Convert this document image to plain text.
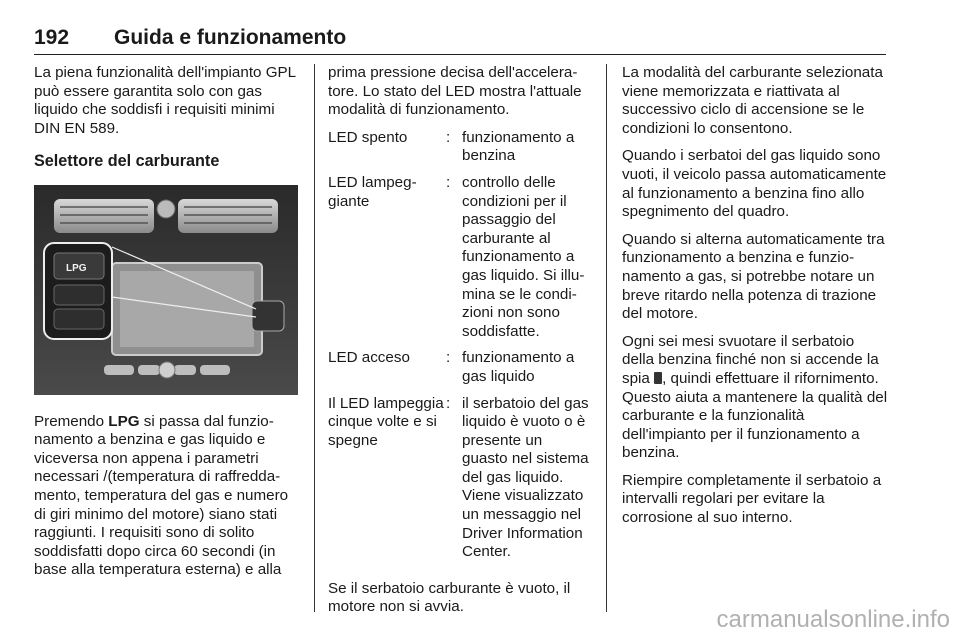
192 Guida e funzionamento

La piena funzionalità dell'impianto GPL può essere garantita solo con gas liquido che soddisfi i requisiti minimi DIN EN 589.

Selettore del carburante
LPG

Premendo LPG si passa dal funzionamento a benzina e gas liquido e viceversa non appena i parametri necessari /(temperatura di raffreddamento, temperatura del gas e numero di giri minimo del motore) siano stati raggiunti. I requisiti sono di solito soddisfatti dopo circa 60 secondi (in base alla temperatura esterna) e alla

prima pressione decisa dell'acceleratore. Lo stato del LED mostra l'attuale modalità di funzionamento.

LED spento	:	funzionamento a benzina
LED lampeggiante	:	controllo delle condizioni per il passaggio del carburante al funzionamento a gas liquido. Si illumina se le condizioni non sono soddisfatte.
LED acceso	:	funzionamento a gas liquido
Il LED lampeggia cinque volte e si spegne	:	il serbatoio del gas liquido è vuoto o è presente un guasto nel sistema del gas liquido. Viene visualizzato un messaggio nel Driver Information Center.

Se il serbatoio carburante è vuoto, il motore non si avvia.

La modalità del carburante selezionata viene memorizzata e riattivata al successivo ciclo di accensione se le condizioni lo consentono.

Quando i serbatoi del gas liquido sono vuoti, il veicolo passa automaticamente al funzionamento a benzina fino allo spegnimento del quadro.

Quando si alterna automaticamente tra funzionamento a benzina e funzionamento a gas, si potrebbe notare un breve ritardo nella potenza di trazione del motore.

Ogni sei mesi svuotare il serbatoio della benzina finché non si accende la spia , quindi effettuare il rifornimento. Questo aiuta a mantenere la qualità del carburante e la funzionalità dell'impianto per il funzionamento a benzina.

Riempire completamente il serbatoio a intervalli regolari per evitare la corrosione al suo interno.

carmanualsonline.info
